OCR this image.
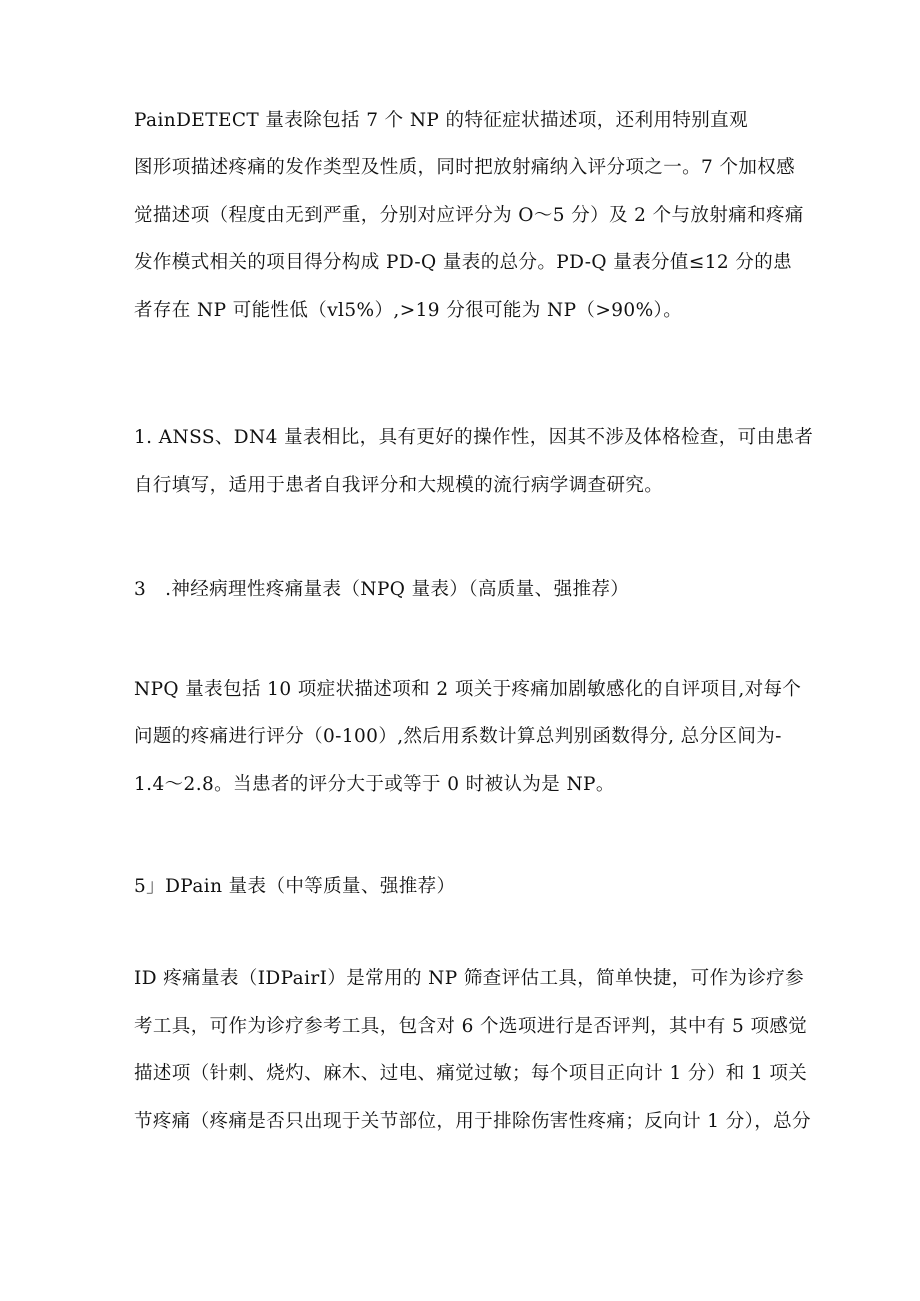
PainDETECT 量表除包括 7 个 NP 的特征症状描述项，还利用特别直观

图形项描述疼痛的发作类型及性质，同时把放射痛纳入评分项之一。7 个加权感

觉描述项（程度由无到严重，分别对应评分为 O～5 分）及 2 个与放射痛和疼痛

发作模式相关的项目得分构成 PD-Q 量表的总分。PD-Q 量表分值≤12 分的患

者存在 NP 可能性低（vl5%）,>19 分很可能为 NP（>90%）。

1. ANSS、DN4 量表相比，具有更好的操作性，因其不涉及体格检查，可由患者

自行填写，适用于患者自我评分和大规模的流行病学调查研究。

3　.神经病理性疼痛量表（NPQ 量表）（高质量、强推荐）

NPQ 量表包括 10 项症状描述项和 2 项关于疼痛加剧敏感化的自评项目,对每个

问题的疼痛进行评分（0-100）,然后用系数计算总判别函数得分, 总分区间为-

1.4～2.8。当患者的评分大于或等于 0 时被认为是 NP。

5」DPain 量表（中等质量、强推荐）

ID 疼痛量表（IDPairI）是常用的 NP 筛查评估工具，简单快捷，可作为诊疗参

考工具，可作为诊疗参考工具，包含对 6 个选项进行是否评判，其中有 5 项感觉

描述项（针刺、烧灼、麻木、过电、痛觉过敏；每个项目正向计 1 分）和 1 项关

节疼痛（疼痛是否只出现于关节部位，用于排除伤害性疼痛；反向计 1 分），总分
